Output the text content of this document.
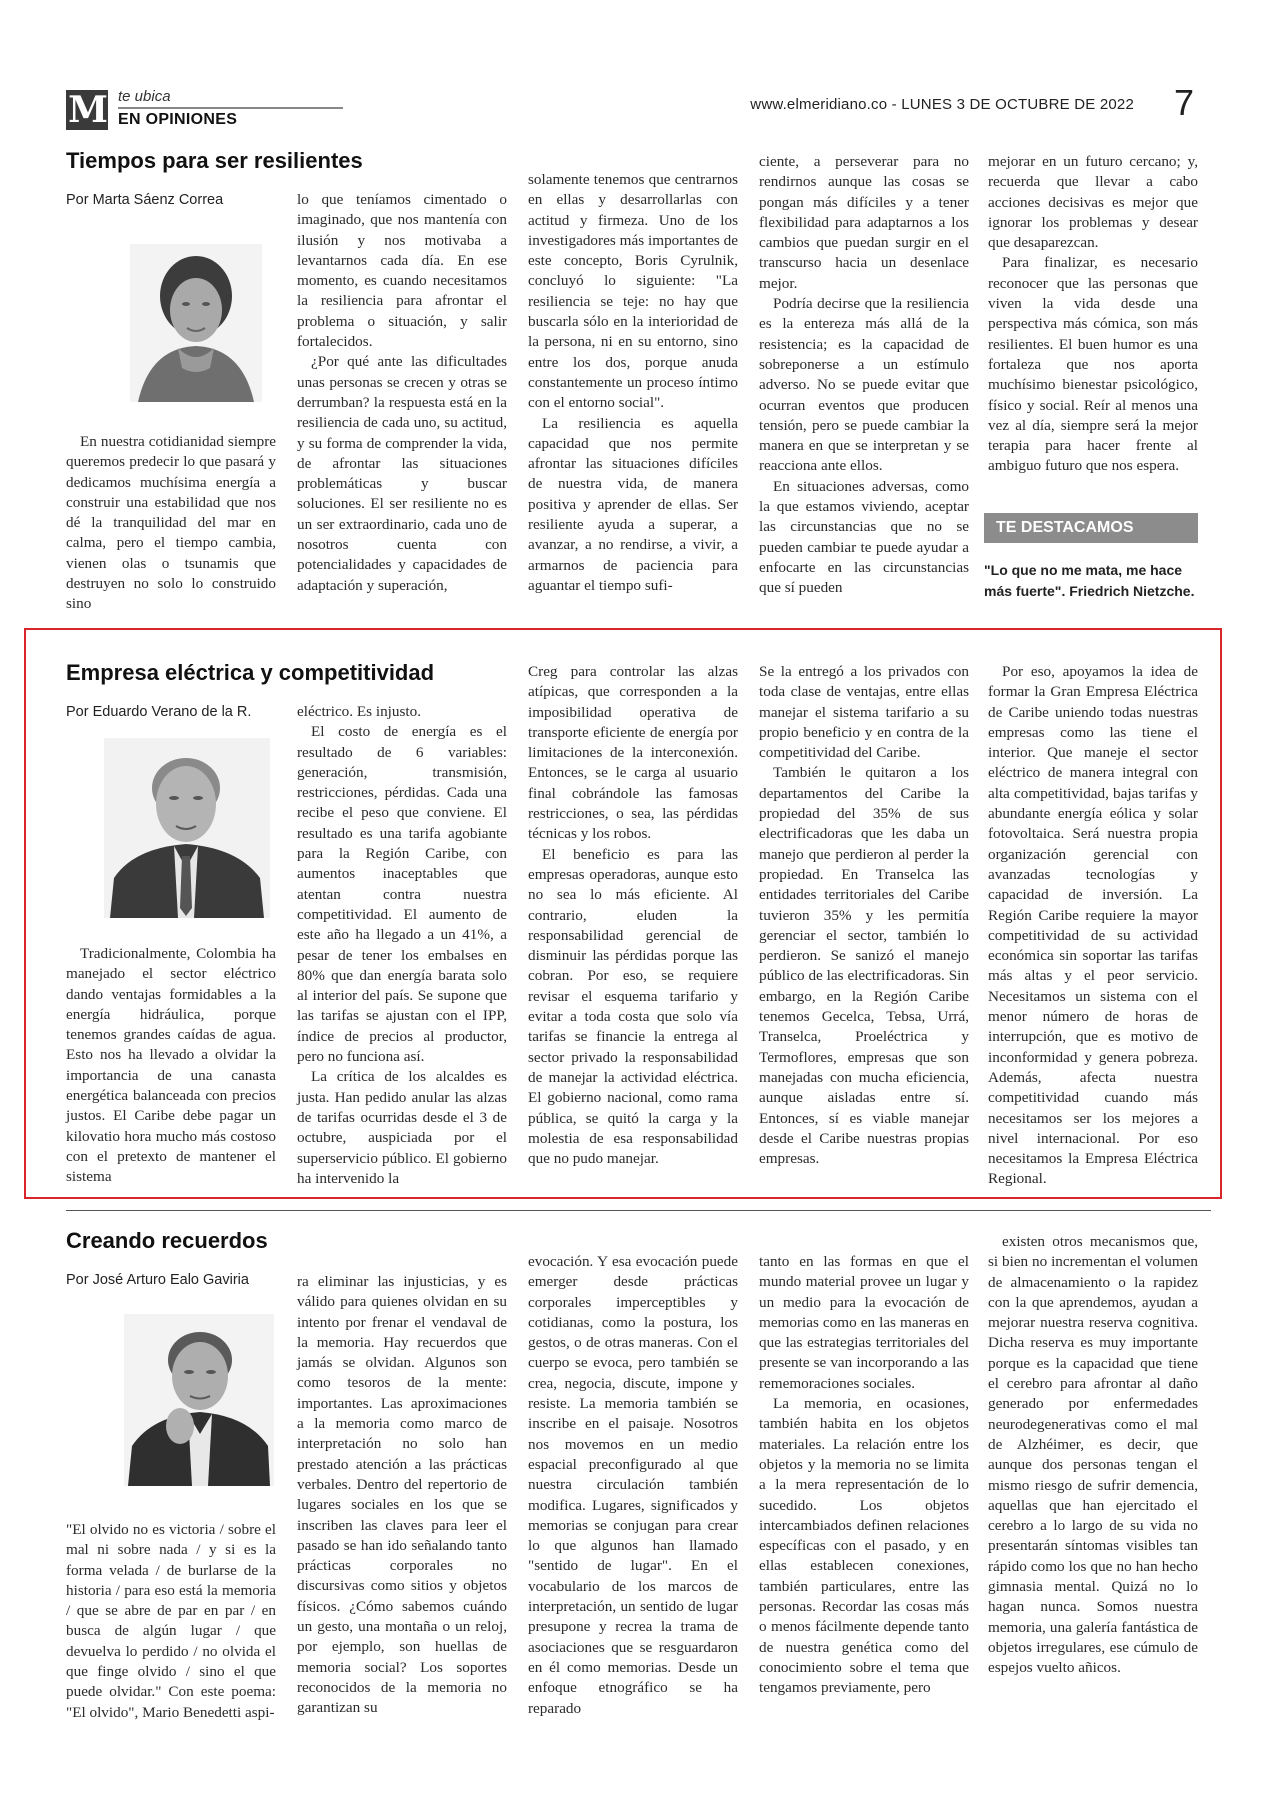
M te ubica
EN OPINIONES
www.elmeridiano.co - LUNES 3 DE OCTUBRE DE 2022 7
Tiempos para ser resilientes
Por Marta Sáenz Correa

En nuestra cotidianidad siempre queremos predecir lo que pasará y dedicamos muchísima energía a construir una estabilidad que nos dé la tranquilidad del mar en calma, pero el tiempo cambia, vienen olas o tsunamis que destruyen no solo lo construido sino

lo que teníamos cimentado o imaginado, que nos mantenía con ilusión y nos motivaba a levantarnos cada día. En ese momento, es cuando necesitamos la resiliencia para afrontar el problema o situación, y salir fortalecidos.

¿Por qué ante las dificultades unas personas se crecen y otras se derrumban? la respuesta está en la resiliencia de cada uno, su actitud, y su forma de comprender la vida, de afrontar las situaciones problemáticas y buscar soluciones. El ser resiliente no es un ser extraordinario, cada uno de nosotros cuenta con potencialidades y capacidades de adaptación y superación,

solamente tenemos que centrarnos en ellas y desarrollarlas con actitud y firmeza. Uno de los investigadores más importantes de este concepto, Boris Cyrulnik, concluyó lo siguiente: "La resiliencia se teje: no hay que buscarla sólo en la interioridad de la persona, ni en su entorno, sino entre los dos, porque anuda constantemente un proceso íntimo con el entorno social".

La resiliencia es aquella capacidad que nos permite afrontar las situaciones difíciles de nuestra vida, de manera positiva y aprender de ellas. Ser resiliente ayuda a superar, a avanzar, a no rendirse, a vivir, a armarnos de paciencia para aguantar el tiempo sufi-

ciente, a perseverar para no rendirnos aunque las cosas se pongan más difíciles y a tener flexibilidad para adaptarnos a los cambios que puedan surgir en el transcurso hacia un desenlace mejor.

Podría decirse que la resiliencia es la entereza más allá de la resistencia; es la capacidad de sobreponerse a un estímulo adverso. No se puede evitar que ocurran eventos que producen tensión, pero se puede cambiar la manera en que se interpretan y se reacciona ante ellos.

En situaciones adversas, como la que estamos viviendo, aceptar las circunstancias que no se pueden cambiar te puede ayudar a enfocarte en las circunstancias que sí pueden

mejorar en un futuro cercano; y, recuerda que llevar a cabo acciones decisivas es mejor que ignorar los problemas y desear que desaparezcan.

Para finalizar, es necesario reconocer que las personas que viven la vida desde una perspectiva más cómica, son más resilientes. El buen humor es una fortaleza que nos aporta muchísimo bienestar psicológico, físico y social. Reír al menos una vez al día, siempre será la mejor terapia para hacer frente al ambiguo futuro que nos espera.

TE DESTACAMOS
"Lo que no me mata, me hace más fuerte". Friedrich Nietzche.
Empresa eléctrica y competitividad
Por Eduardo Verano de la R.

Tradicionalmente, Colombia ha manejado el sector eléctrico dando ventajas formidables a la energía hidráulica, porque tenemos grandes caídas de agua. Esto nos ha llevado a olvidar la importancia de una canasta energética balanceada con precios justos. El Caribe debe pagar un kilovatio hora mucho más costoso con el pretexto de mantener el sistema

eléctrico. Es injusto.

El costo de energía es el resultado de 6 variables: generación, transmisión, restricciones, pérdidas. Cada una recibe el peso que conviene. El resultado es una tarifa agobiante para la Región Caribe, con aumentos inaceptables que atentan contra nuestra competitividad. El aumento de este año ha llegado a un 41%, a pesar de tener los embalses en 80% que dan energía barata solo al interior del país. Se supone que las tarifas se ajustan con el IPP, índice de precios al productor, pero no funciona así.

La crítica de los alcaldes es justa. Han pedido anular las alzas de tarifas ocurridas desde el 3 de octubre, auspiciada por el superservicio público. El gobierno ha intervenido la

Creg para controlar las alzas atípicas, que corresponden a la imposibilidad operativa de transporte eficiente de energía por limitaciones de la interconexión. Entonces, se le carga al usuario final cobrándole las famosas restricciones, o sea, las pérdidas técnicas y los robos.

El beneficio es para las empresas operadoras, aunque esto no sea lo más eficiente. Al contrario, eluden la responsabilidad gerencial de disminuir las pérdidas porque las cobran. Por eso, se requiere revisar el esquema tarifario y evitar a toda costa que solo vía tarifas se financie la entrega al sector privado la responsabilidad de manejar la actividad eléctrica. El gobierno nacional, como rama pública, se quitó la carga y la molestia de esa responsabilidad que no pudo manejar.

Se la entregó a los privados con toda clase de ventajas, entre ellas manejar el sistema tarifario a su propio beneficio y en contra de la competitividad del Caribe.

También le quitaron a los departamentos del Caribe la propiedad del 35% de sus electrificadoras que les daba un manejo que perdieron al perder la propiedad. En Transelca las entidades territoriales del Caribe tuvieron 35% y les permitía gerenciar el sector, también lo perdieron. Se sanizó el manejo público de las electrificadoras. Sin embargo, en la Región Caribe tenemos Gecelca, Tebsa, Urrá, Transelca, Proeléctrica y Termoflores, empresas que son manejadas con mucha eficiencia, aunque aisladas entre sí. Entonces, sí es viable manejar desde el Caribe nuestras propias empresas.

Por eso, apoyamos la idea de formar la Gran Empresa Eléctrica de Caribe uniendo todas nuestras empresas como las tiene el interior. Que maneje el sector eléctrico de manera integral con alta competitividad, bajas tarifas y abundante energía eólica y solar fotovoltaica. Será nuestra propia organización gerencial con avanzadas tecnologías y capacidad de inversión. La Región Caribe requiere la mayor competitividad de su actividad económica sin soportar las tarifas más altas y el peor servicio. Necesitamos un sistema con el menor número de horas de interrupción, que es motivo de inconformidad y genera pobreza. Además, afecta nuestra competitividad cuando más necesitamos ser los mejores a nivel internacional. Por eso necesitamos la Empresa Eléctrica Regional.

Creando recuerdos
Por José Arturo Ealo Gaviria

"El olvido no es victoria / sobre el mal ni sobre nada / y si es la forma velada / de burlarse de la historia / para eso está la memoria / que se abre de par en par / en busca de algún lugar / que devuelva lo perdido / no olvida el que finge olvido / sino el que puede olvidar." Con este poema: "El olvido", Mario Benedetti aspi-

ra eliminar las injusticias, y es válido para quienes olvidan en su intento por frenar el vendaval de la memoria. Hay recuerdos que jamás se olvidan. Algunos son como tesoros de la mente: importantes. Las aproximaciones a la memoria como marco de interpretación no solo han prestado atención a las prácticas verbales. Dentro del repertorio de lugares sociales en los que se inscriben las claves para leer el pasado se han ido señalando tanto prácticas corporales no discursivas como sitios y objetos físicos. ¿Cómo sabemos cuándo un gesto, una montaña o un reloj, por ejemplo, son huellas de memoria social? Los soportes reconocidos de la memoria no garantizan su

evocación. Y esa evocación puede emerger desde prácticas corporales imperceptibles y cotidianas, como la postura, los gestos, o de otras maneras. Con el cuerpo se evoca, pero también se crea, negocia, discute, impone y resiste. La memoria también se inscribe en el paisaje. Nosotros nos movemos en un medio espacial preconfigurado al que nuestra circulación también modifica. Lugares, significados y memorias se conjugan para crear lo que algunos han llamado "sentido de lugar". En el vocabulario de los marcos de interpretación, un sentido de lugar presupone y recrea la trama de asociaciones que se resguardaron en él como memorias. Desde un enfoque etnográfico se ha reparado

tanto en las formas en que el mundo material provee un lugar y un medio para la evocación de memorias como en las maneras en que las estrategias territoriales del presente se van incorporando a las rememoraciones sociales.

La memoria, en ocasiones, también habita en los objetos materiales. La relación entre los objetos y la memoria no se limita a la mera representación de lo sucedido. Los objetos intercambiados definen relaciones específicas con el pasado, y en ellas establecen conexiones, también particulares, entre las personas. Recordar las cosas más o menos fácilmente depende tanto de nuestra genética como del conocimiento sobre el tema que tengamos previamente, pero

existen otros mecanismos que, si bien no incrementan el volumen de almacenamiento o la rapidez con la que aprendemos, ayudan a mejorar nuestra reserva cognitiva. Dicha reserva es muy importante porque es la capacidad que tiene el cerebro para afrontar al daño generado por enfermedades neurodegenerativas como el mal de Alzhéimer, es decir, que aunque dos personas tengan el mismo riesgo de sufrir demencia, aquellas que han ejercitado el cerebro a lo largo de su vida no presentarán síntomas visibles tan rápido como los que no han hecho gimnasia mental. Quizá no lo hagan nunca. Somos nuestra memoria, una galería fantástica de objetos irregulares, ese cúmulo de espejos vuelto añicos.
